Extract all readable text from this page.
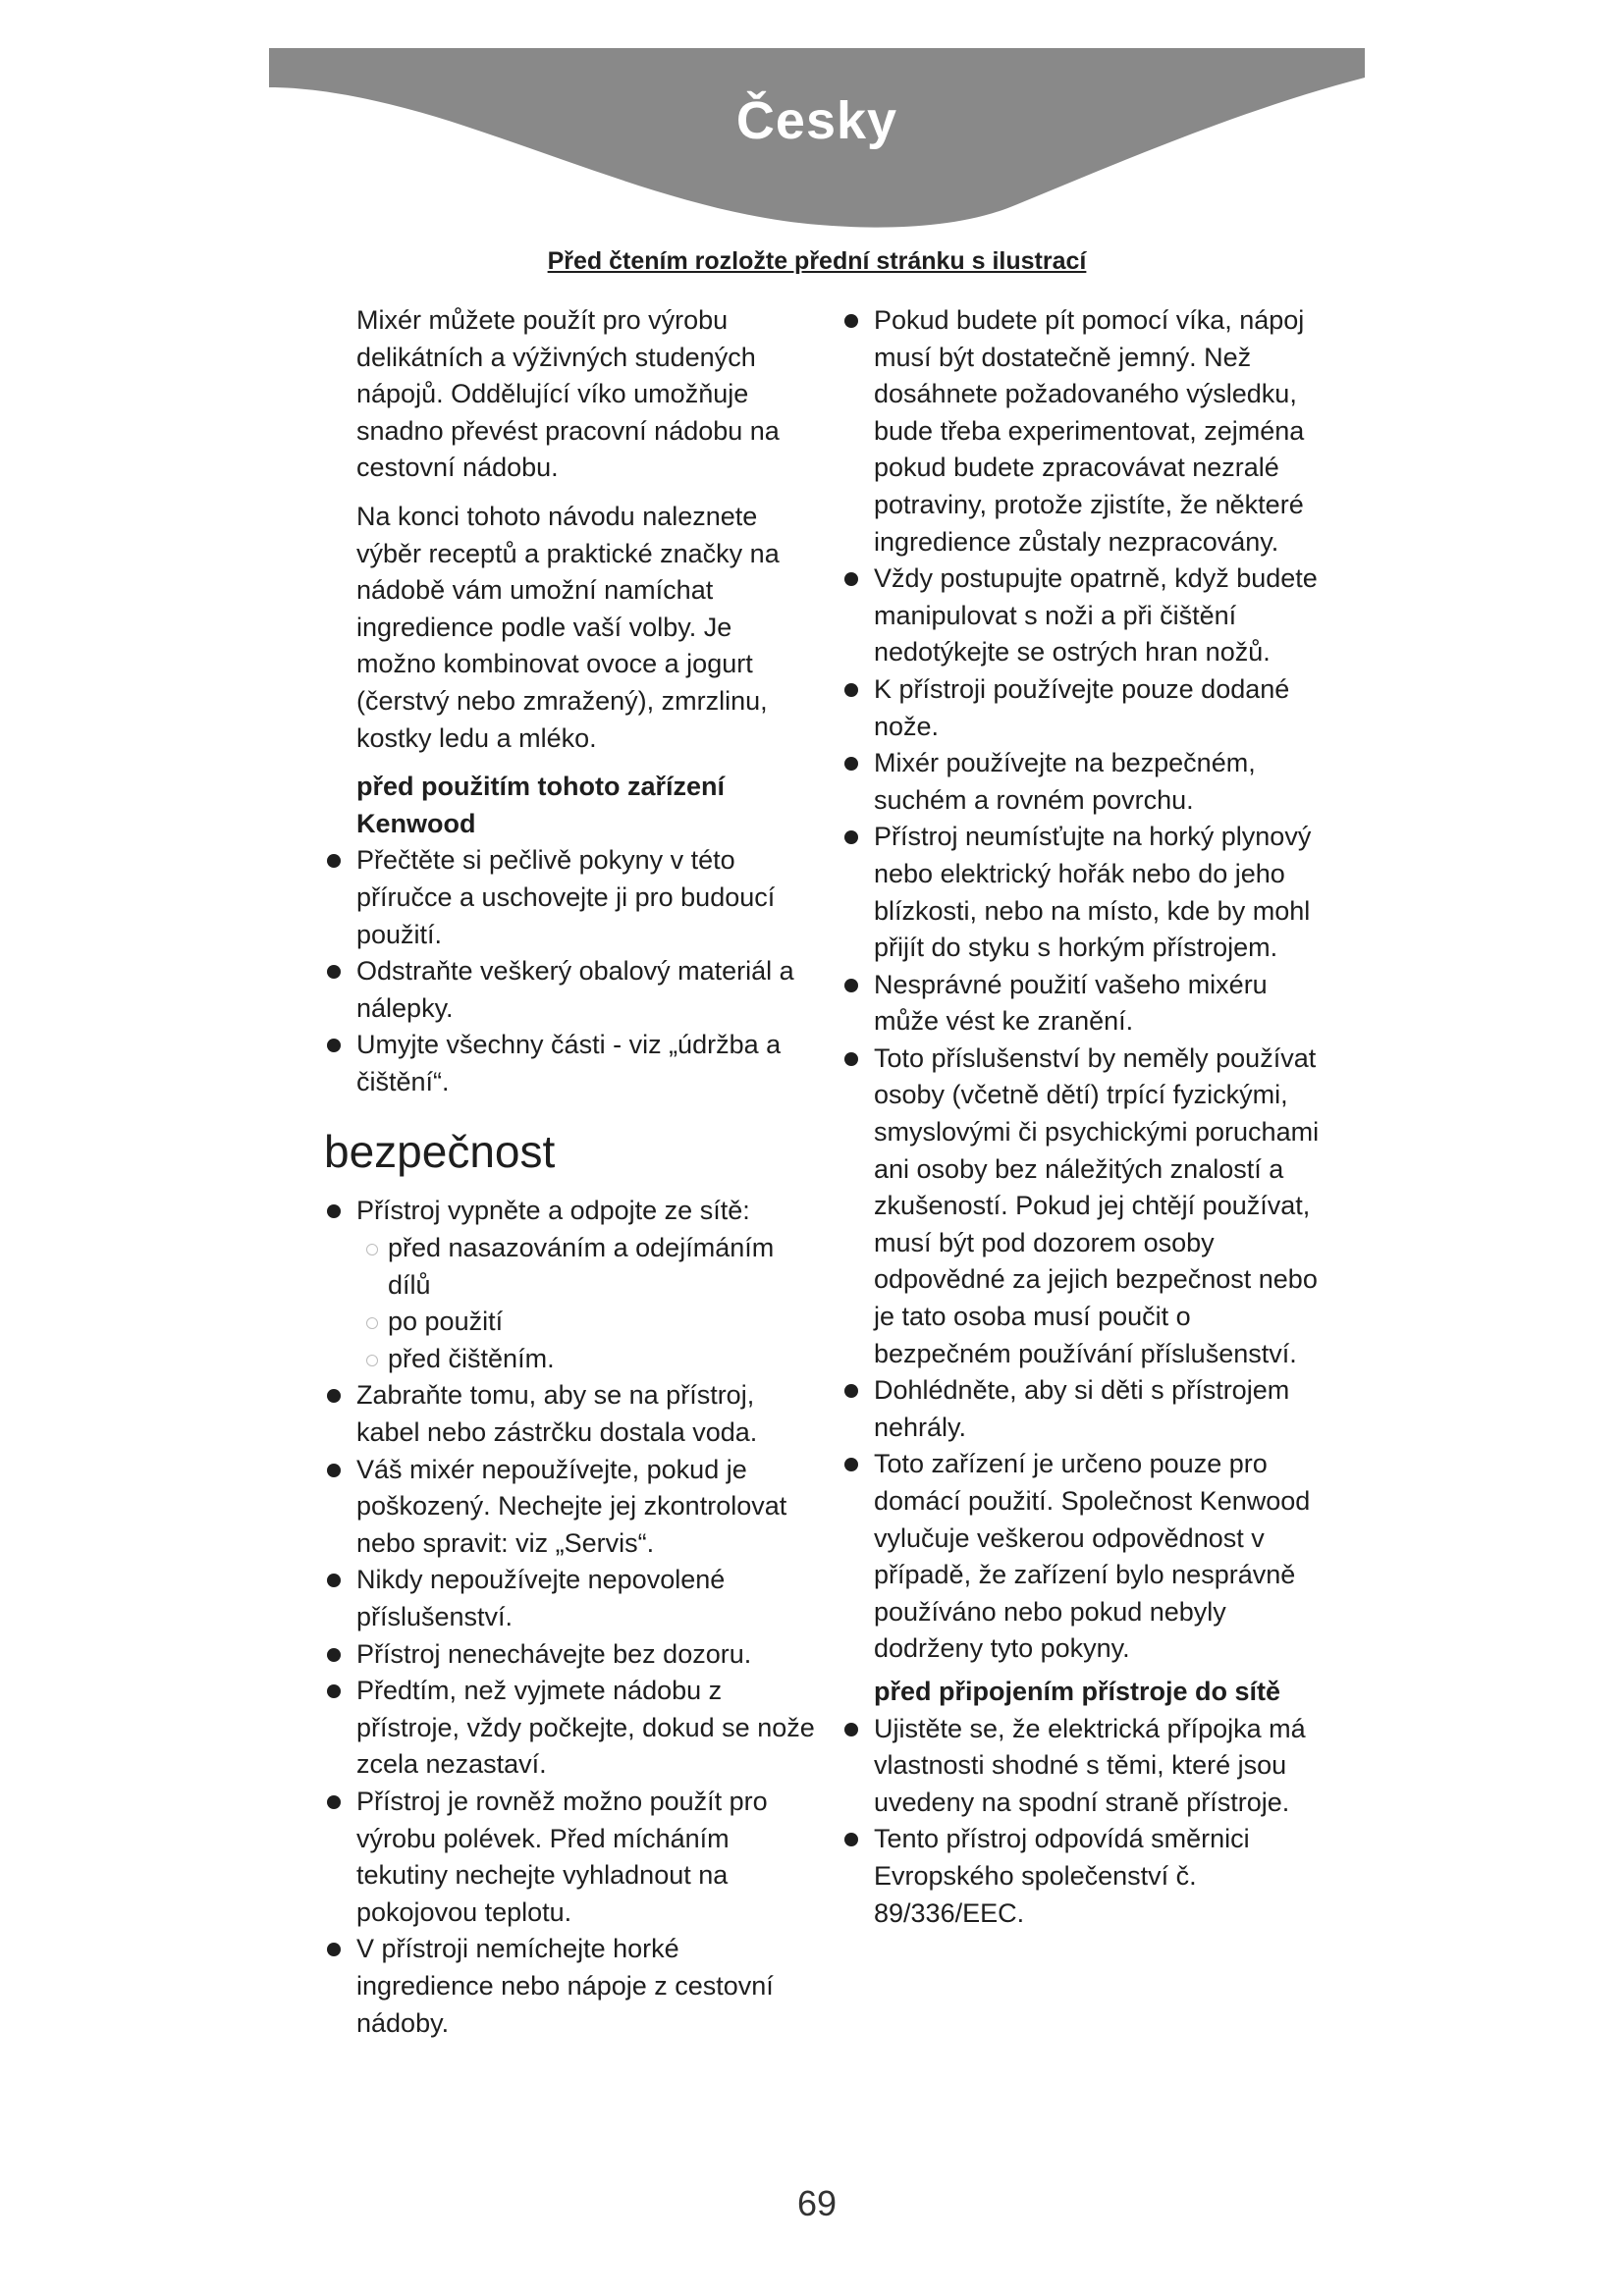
Česky
Před čtením rozložte přední stránku s ilustrací

Mixér můžete použít pro výrobu delikátních a výživných studených nápojů. Oddělující víko umožňuje snadno převést pracovní nádobu na cestovní nádobu.

Na konci tohoto návodu naleznete výběr receptů a praktické značky na nádobě vám umožní namíchat ingredience podle vaší volby. Je možno kombinovat ovoce a jogurt (čerstvý nebo zmražený), zmrzlinu, kostky ledu a mléko.

před použitím tohoto zařízení Kenwood
Přečtěte si pečlivě pokyny v této příručce a uschovejte ji pro budoucí použití.
Odstraňte veškerý obalový materiál a nálepky.
Umyjte všechny části - viz „údržba a čištění“.
bezpečnost
Přístroj vypněte a odpojte ze sítě:
před nasazováním a odejímáním dílů
po použití
před čištěním.
Zabraňte tomu, aby se na přístroj, kabel nebo zástrčku dostala voda.
Váš mixér nepoužívejte, pokud je poškozený. Nechejte jej zkontrolovat nebo spravit: viz „Servis“.
Nikdy nepoužívejte nepovolené příslušenství.
Přístroj nenechávejte bez dozoru.
Předtím, než vyjmete nádobu z přístroje, vždy počkejte, dokud se nože zcela nezastaví.
Přístroj je rovněž možno použít pro výrobu polévek. Před mícháním tekutiny nechejte vyhladnout na pokojovou teplotu.
V přístroji nemíchejte horké ingredience nebo nápoje z cestovní nádoby.
Pokud budete pít pomocí víka, nápoj musí být dostatečně jemný. Než dosáhnete požadovaného výsledku, bude třeba experimentovat, zejména pokud budete zpracovávat nezralé potraviny, protože zjistíte, že některé ingredience zůstaly nezpracovány.
Vždy postupujte opatrně, když budete manipulovat s noži a při čištění nedotýkejte se ostrých hran nožů.
K přístroji používejte pouze dodané nože.
Mixér používejte na bezpečném, suchém a rovném povrchu.
Přístroj neumísťujte na horký plynový nebo elektrický hořák nebo do jeho blízkosti, nebo na místo, kde by mohl přijít do styku s horkým přístrojem.
Nesprávné použití vašeho mixéru může vést ke zranění.
Toto příslušenství by neměly používat osoby (včetně dětí) trpící fyzickými, smyslovými či psychickými poruchami ani osoby bez náležitých znalostí a zkušeností. Pokud jej chtějí používat, musí být pod dozorem osoby odpovědné za jejich bezpečnost nebo je tato osoba musí poučit o bezpečném používání příslušenství.
Dohlédněte, aby si děti s přístrojem nehrály.
Toto zařízení je určeno pouze pro domácí použití. Společnost Kenwood vylučuje veškerou odpovědnost v případě, že zařízení bylo nesprávně používáno nebo pokud nebyly dodrženy tyto pokyny.
před připojením přístroje do sítě
Ujistěte se, že elektrická přípojka má vlastnosti shodné s těmi, které jsou uvedeny na spodní straně přístroje.
Tento přístroj odpovídá směrnici Evropského společenství č. 89/336/EEC.
69
